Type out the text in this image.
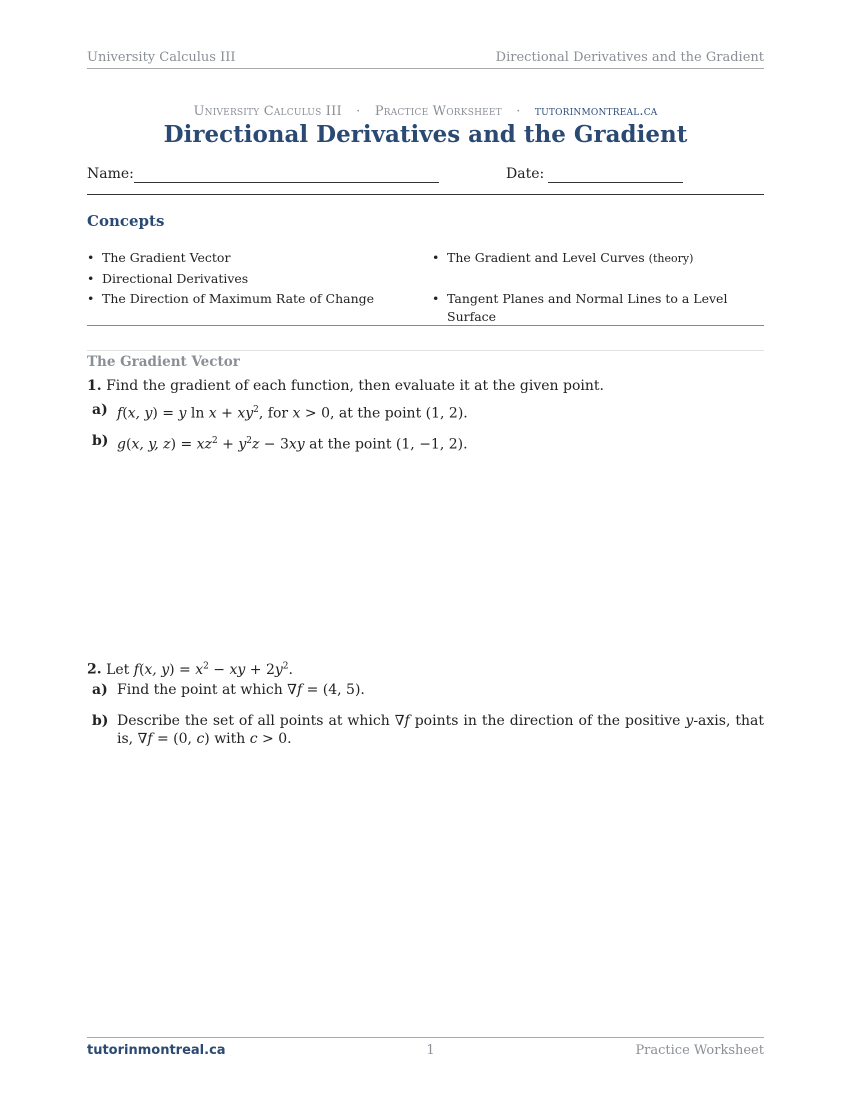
University Calculus III	Directional Derivatives and the Gradient
University Calculus III · Practice Worksheet · tutorinmontreal.ca
Directional Derivatives and the Gradient
Name:	Date:
Concepts
• The Gradient Vector
• Directional Derivatives
• The Direction of Maximum Rate of Change
• The Gradient and Level Curves (theory)
• Tangent Planes and Normal Lines to a Level Surface
The Gradient Vector
1. Find the gradient of each function, then evaluate it at the given point.
a) f(x, y) = y $\ln x + xy^2$, for x > 0, at the point (1, 2).
b) g(x, y, $z) = xz^2 + y^2z - 3xy$ at the point (1, −1, 2).
2. Let f(x, $y) = x^2$ − xy + $2y^2$.
a) Find the point at which ∇f = (4, 5).
b) Describe the set of all points at which ∇f points in the direction of the positive y-axis, that is, ∇f = (0, c) with c > 0.
tutorinmontreal.ca	1	Practice Worksheet
